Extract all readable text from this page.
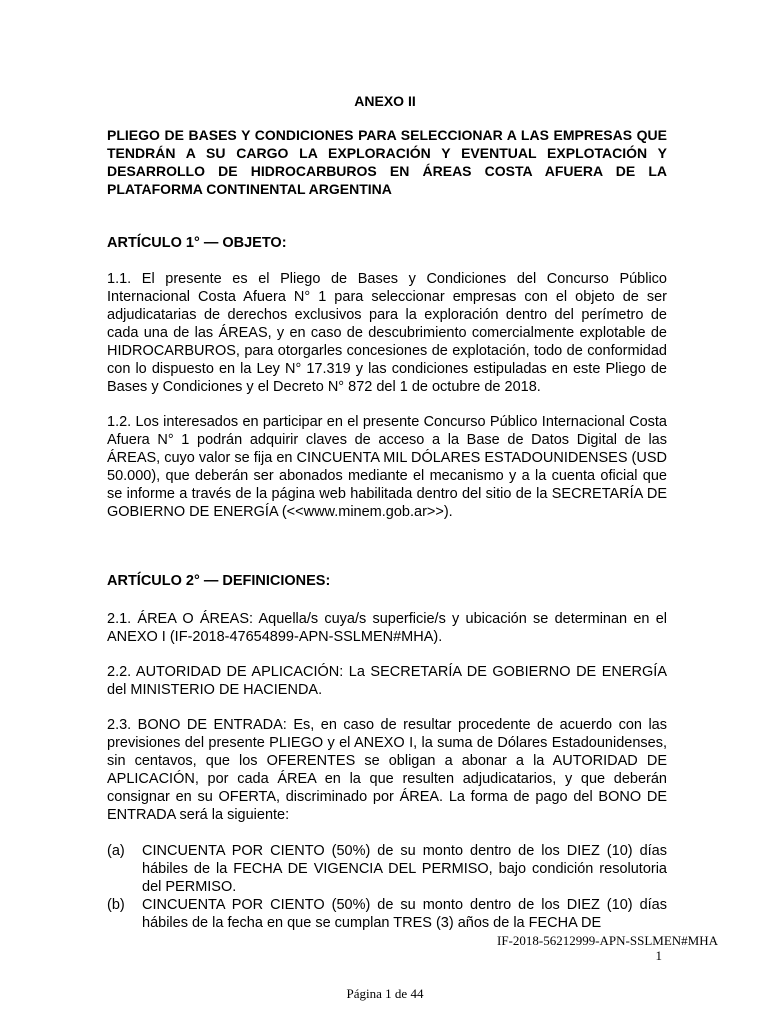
ANEXO II

PLIEGO DE BASES Y CONDICIONES PARA SELECCIONAR A LAS EMPRESAS QUE TENDRÁN A SU CARGO LA EXPLORACIÓN Y EVENTUAL EXPLOTACIÓN Y DESARROLLO DE HIDROCARBUROS EN ÁREAS COSTA AFUERA DE LA PLATAFORMA CONTINENTAL ARGENTINA

ARTÍCULO 1° — OBJETO:

1.1. El presente es el Pliego de Bases y Condiciones del Concurso Público Internacional Costa Afuera N° 1 para seleccionar empresas con el objeto de ser adjudicatarias de derechos exclusivos para la exploración dentro del perímetro de cada una de las ÁREAS, y en caso de descubrimiento comercialmente explotable de HIDROCARBUROS, para otorgarles concesiones de explotación, todo de conformidad con lo dispuesto en la Ley N° 17.319 y las condiciones estipuladas en este Pliego de Bases y Condiciones y el Decreto N° 872 del 1 de octubre de 2018.

1.2. Los interesados en participar en el presente Concurso Público Internacional Costa Afuera N° 1 podrán adquirir claves de acceso a la Base de Datos Digital de las ÁREAS, cuyo valor se fija en CINCUENTA MIL DÓLARES ESTADOUNIDENSES (USD 50.000), que deberán ser abonados mediante el mecanismo y a la cuenta oficial que se informe a través de la página web habilitada dentro del sitio de la SECRETARÍA DE GOBIERNO DE ENERGÍA (<<www.minem.gob.ar>>).

ARTÍCULO 2° — DEFINICIONES:

2.1. ÁREA O ÁREAS: Aquella/s cuya/s superficie/s y ubicación se determinan en el ANEXO I (IF-2018-47654899-APN-SSLMEN#MHA).

2.2. AUTORIDAD DE APLICACIÓN: La SECRETARÍA DE GOBIERNO DE ENERGÍA del MINISTERIO DE HACIENDA.

2.3. BONO DE ENTRADA: Es, en caso de resultar procedente de acuerdo con las previsiones del presente PLIEGO y el ANEXO I, la suma de Dólares Estadounidenses, sin centavos, que los OFERENTES se obligan a abonar a la AUTORIDAD DE APLICACIÓN, por cada ÁREA en la que resulten adjudicatarios, y que deberán consignar en su OFERTA, discriminado por ÁREA. La forma de pago del BONO DE ENTRADA será la siguiente:

(a) CINCUENTA POR CIENTO (50%) de su monto dentro de los DIEZ (10) días hábiles de la FECHA DE VIGENCIA DEL PERMISO, bajo condición resolutoria del PERMISO.
(b) CINCUENTA POR CIENTO (50%) de su monto dentro de los DIEZ (10) días hábiles de la fecha en que se cumplan TRES (3) años de la FECHA DE
IF-2018-56212999-APN-SSLMEN#MHA
1
Página 1 de 44
